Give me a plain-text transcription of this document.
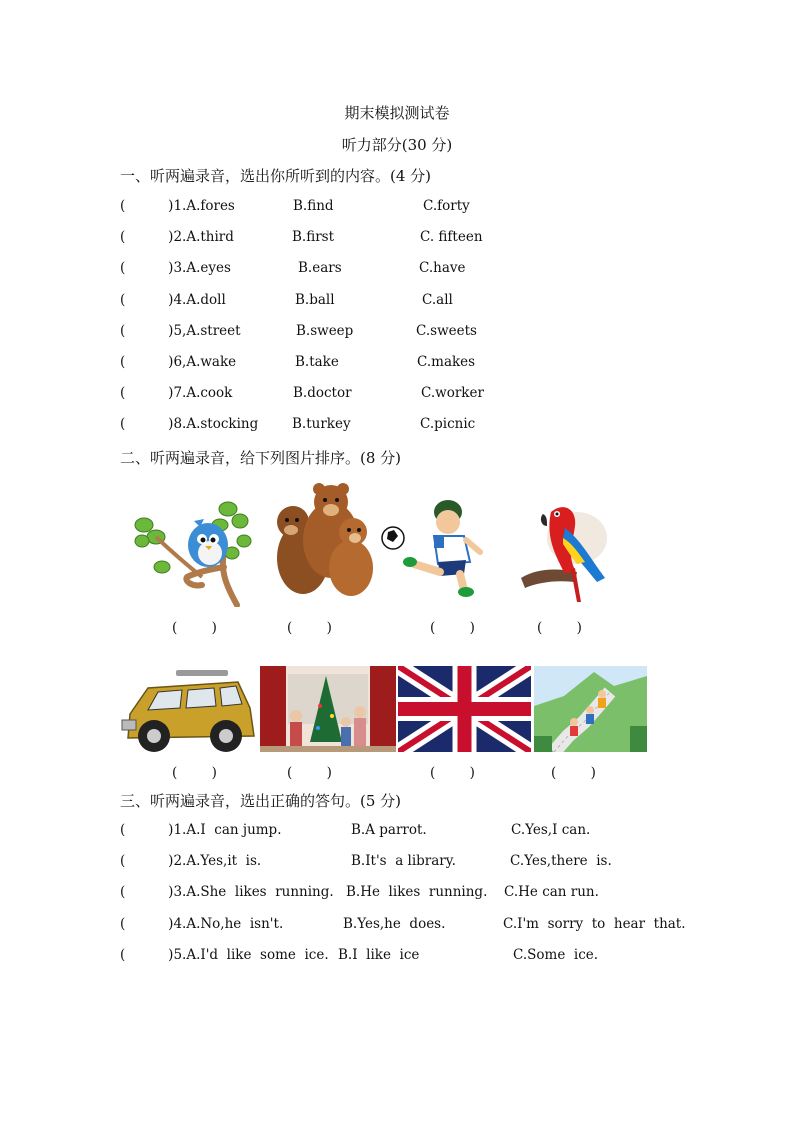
期末模拟测试卷
听力部分(30 分)
一、听两遍录音，选出你所听到的内容。(4 分)
(          )1.A.fores	B.find	C.forty
(          )2.A.third	B.first	C. fifteen
(          )3.A.eyes	B.ears	C.have
(          )4.A.doll	B.ball	C.all
(          )5,A.street	B.sweep	C.sweets
(          )6,A.wake	B.take	C.makes
(          )7.A.cook	B.doctor	C.worker
(          )8.A.stocking	B.turkey	C.picnic
二、听两遍录音，给下列图片排序。(8 分)
(        )	(        )	(        )	(        )
(        )	(        )	(        )	(        )
三、听两遍录音，选出正确的答句。(5 分)
(          )1.A.I  can jump.	B.A parrot.	C.Yes,I can.
(          )2.A.Yes,it  is.	B.It's  a library.	C.Yes,there  is.
(          )3.A.She  likes  running. B.He  likes  running. C.He can run.
(          )4.A.No,he  isn't.	B.Yes,he  does.	C.I'm  sorry  to  hear  that.
(          )5.A.I'd  like  some  ice. B.I  like  ice	C.Some  ice.
